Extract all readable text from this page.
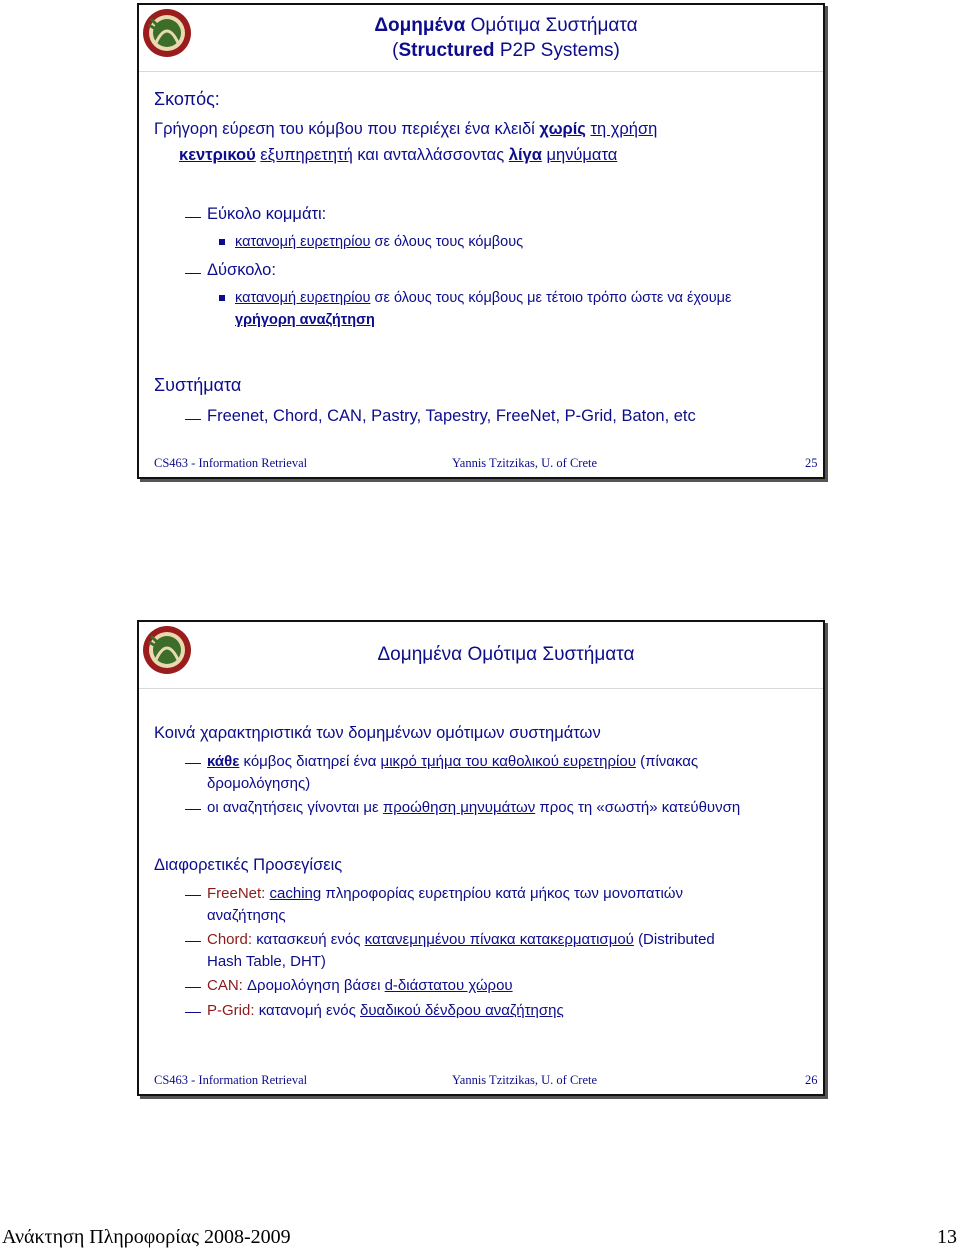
Δομημένα Ομότιμα Συστήματα
(Structured P2P Systems)
Σκοπός:
Γρήγορη εύρεση του κόμβου που περιέχει ένα κλειδί χωρίς τη χρήση
κεντρικού εξυπηρετητή και ανταλλάσσοντας λίγα μηνύματα
Εύκολο κομμάτι:
κατανομή ευρετηρίου σε όλους τους κόμβους
Δύσκολο:
κατανομή ευρετηρίου σε όλους τους κόμβους με τέτοιο τρόπο ώστε να έχουμε
γρήγορη αναζήτηση
Συστήματα
Freenet, Chord, CAN, Pastry, Tapestry, FreeNet, P-Grid, Baton, etc
CS463 - Information Retrieval	Yannis Tzitzikas, U. of Crete	25
Δομημένα Ομότιμα Συστήματα
Κοινά χαρακτηριστικά των δομημένων ομότιμων συστημάτων
κάθε κόμβος διατηρεί ένα μικρό τμήμα του καθολικού ευρετηρίου (πίνακας
δρομολόγησης)
οι αναζητήσεις γίνονται με προώθηση μηνυμάτων προς τη «σωστή» κατεύθυνση
Διαφορετικές Προσεγίσεις
FreeNet: caching πληροφορίας ευρετηρίου κατά μήκος των μονοπατιών
αναζήτησης
Chord: κατασκευή ενός κατανεμημένου πίνακα κατακερματισμού (Distributed
Hash Table, DHT)
CAN: Δρομολόγηση βάσει d-διάστατου χώρου
P-Grid: κατανομή ενός δυαδικού δένδρου αναζήτησης
CS463 - Information Retrieval	Yannis Tzitzikas, U. of Crete	26
Ανάκτηση Πληροφορίας 2008-2009	13
